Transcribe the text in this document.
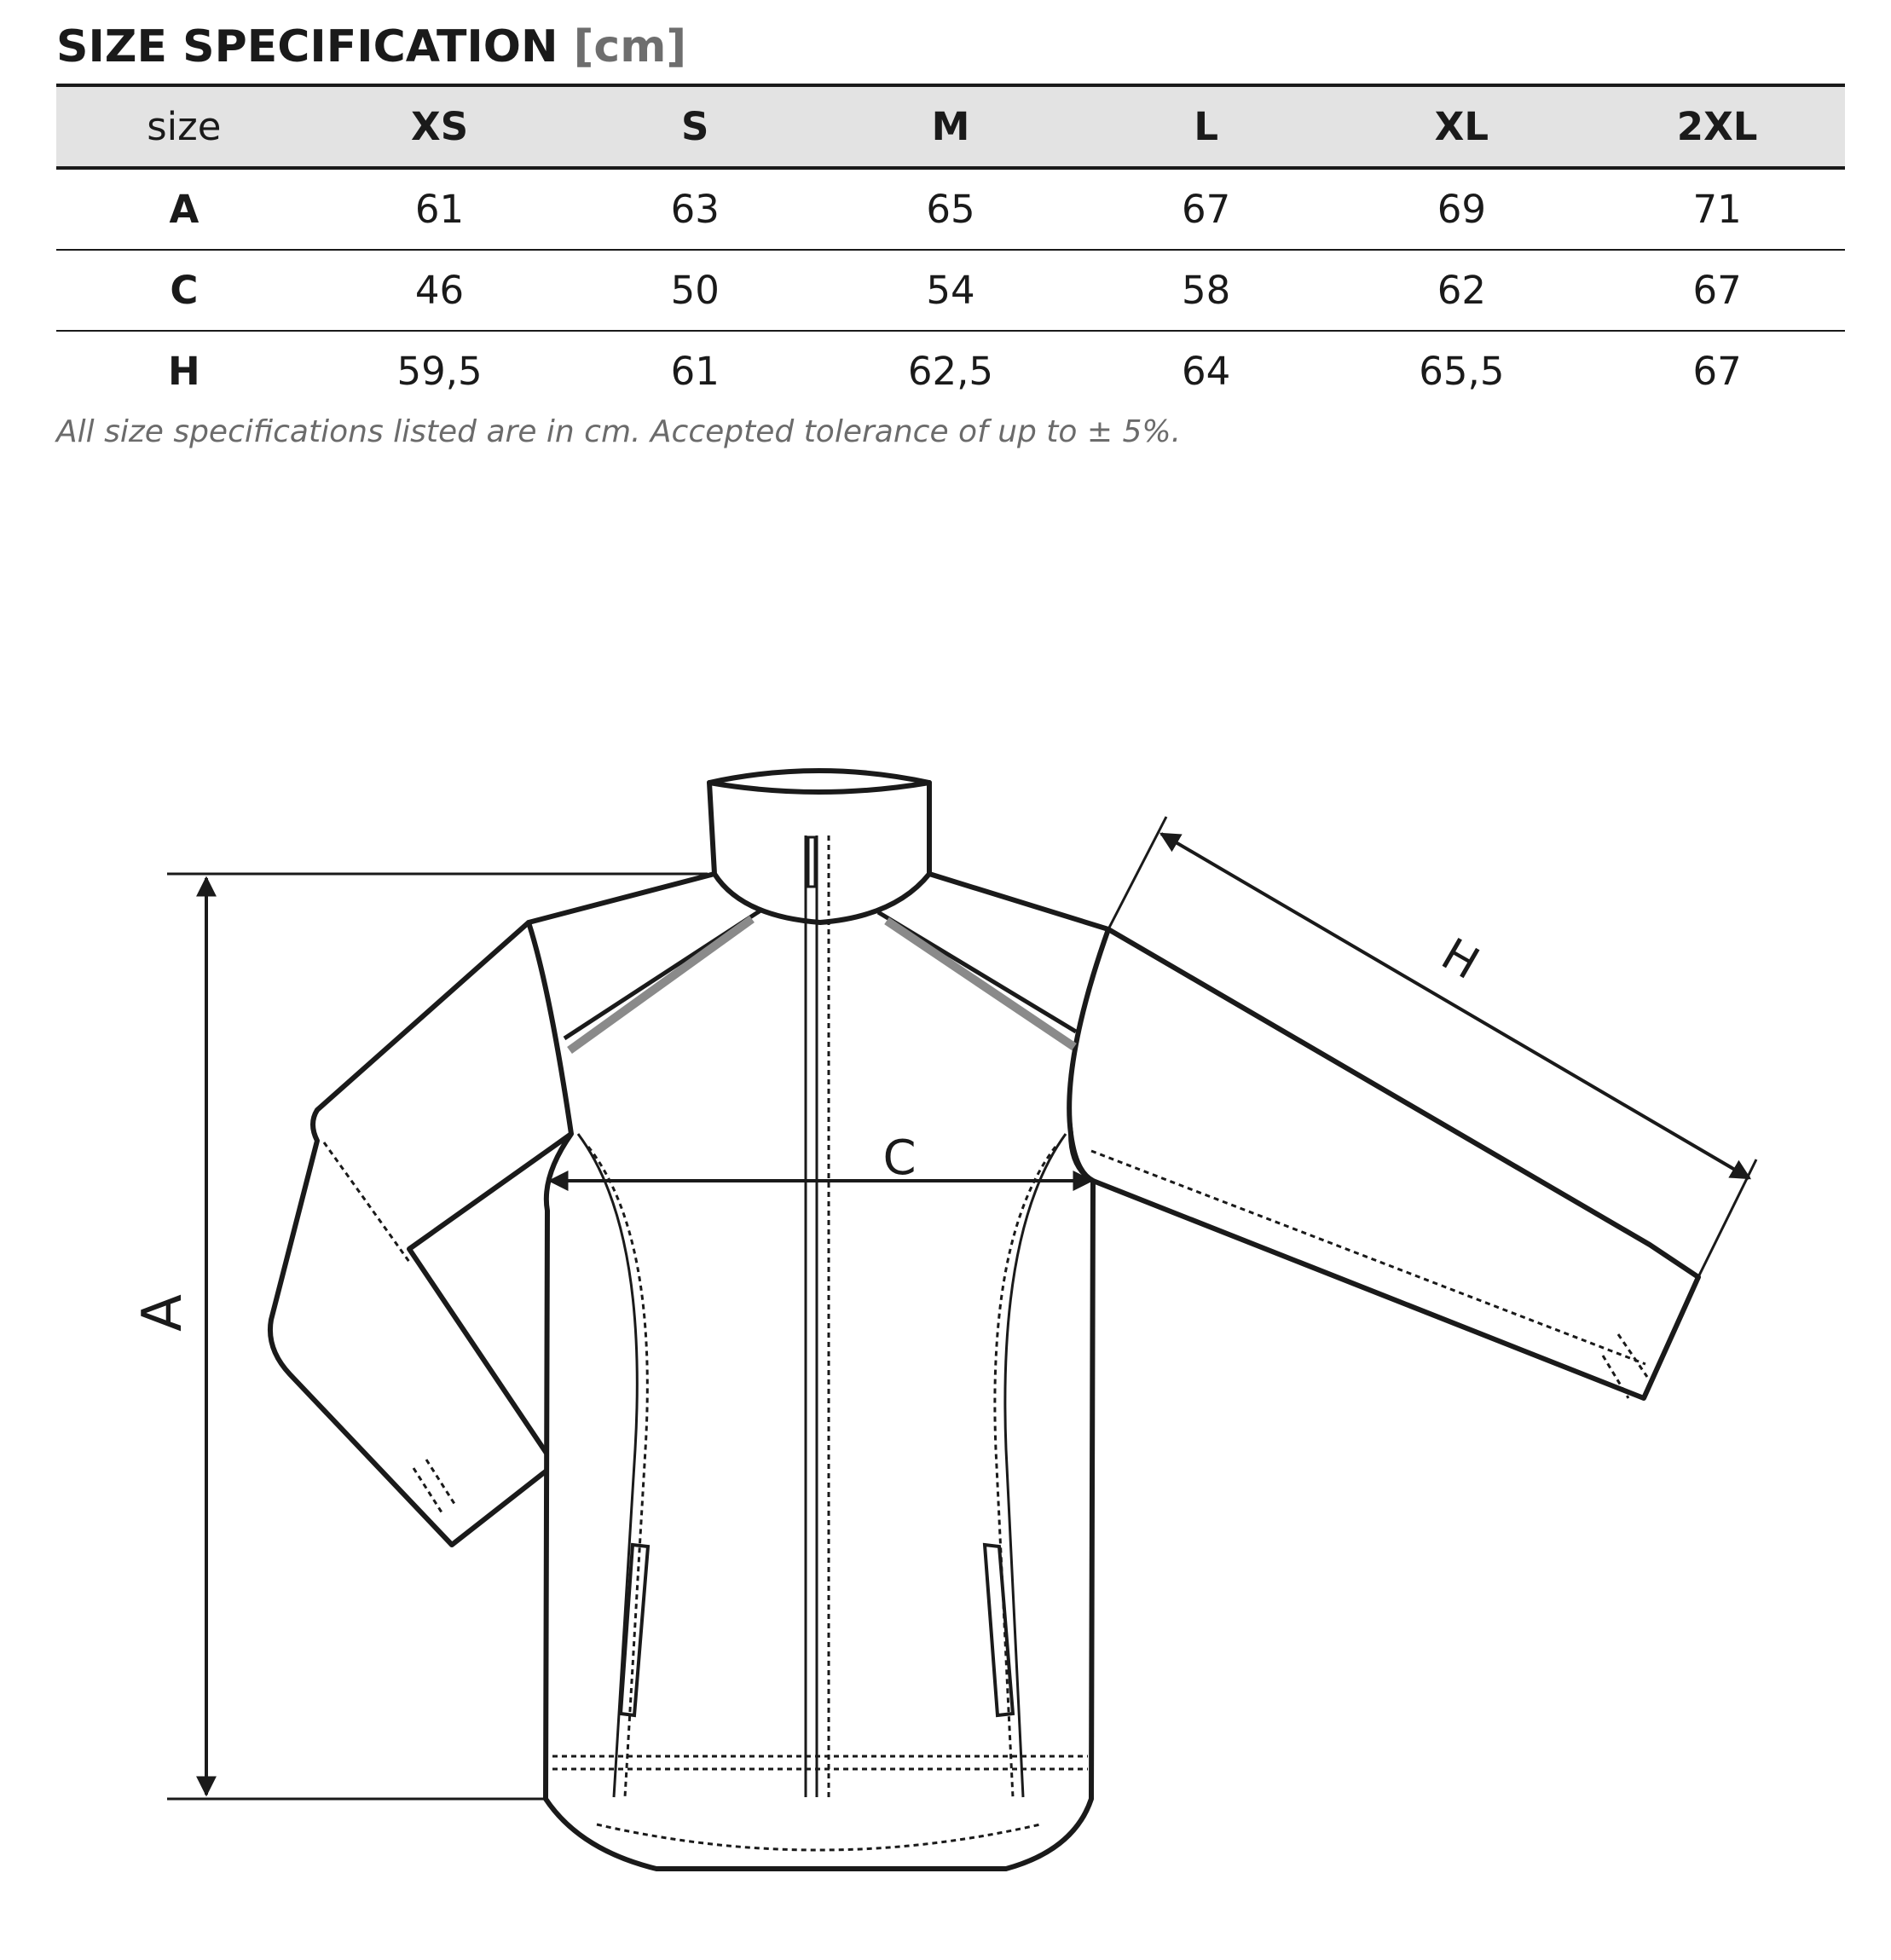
SIZE SPECIFICATION [cm]
size	XS	S	M	L	XL	2XL
A	61	63	65	67	69	71
C	46	50	54	58	62	67
H	59,5	61	62,5	64	65,5	67

All size specifications listed are in cm. Accepted tolerance of up to ± 5%.

A
C
H
